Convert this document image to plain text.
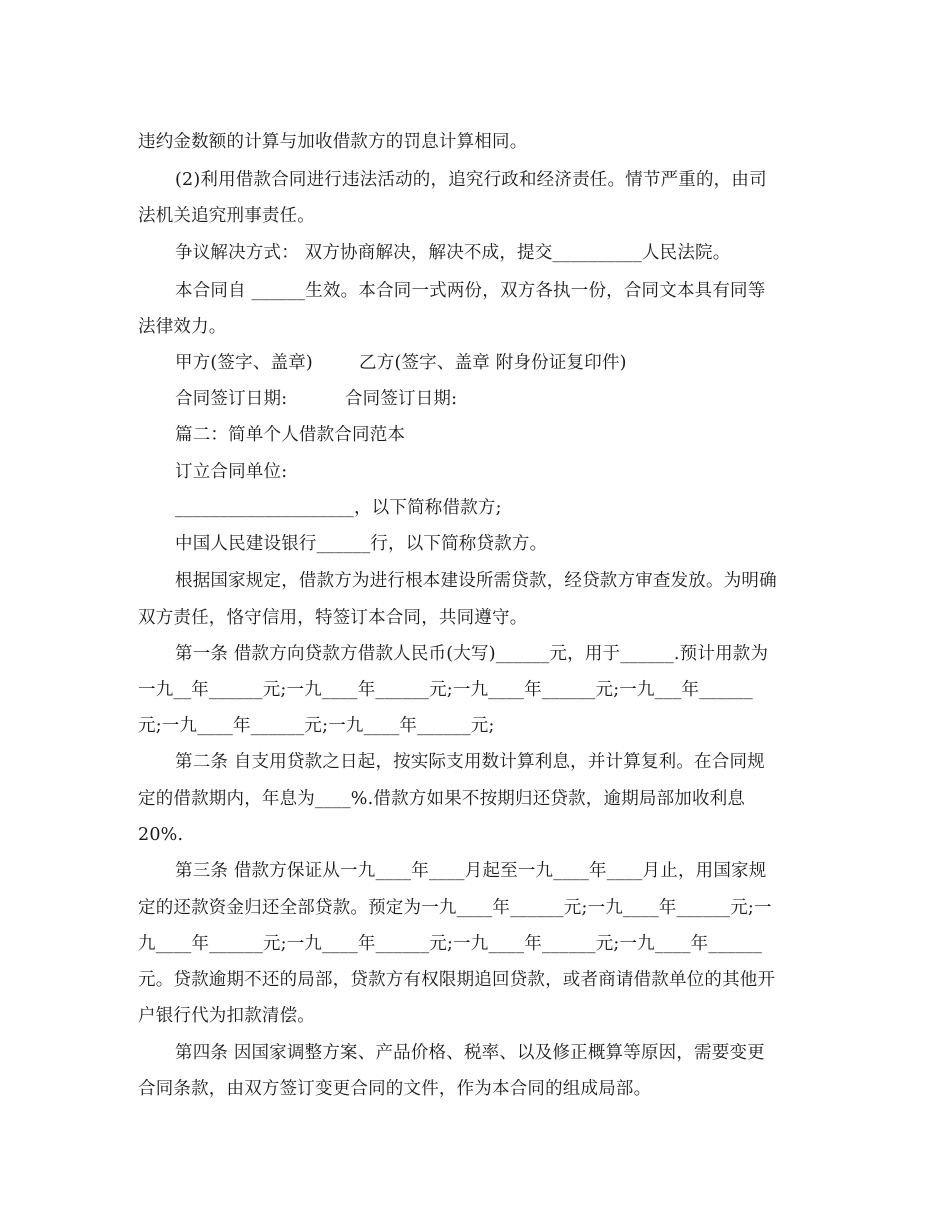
违约金数额的计算与加收借款方的罚息计算相同。
(2)利用借款合同进行违法活动的，追究行政和经济责任。情节严重的，由司
法机关追究刑事责任。
争议解决方式： 双方协商解决，解决不成，提交__________人民法院。
本合同自 ______生效。本合同一式两份，双方各执一份，合同文本具有同等
法律效力。
甲方(签字、盖章)        乙方(签字、盖章 附身份证复印件)
合同签订日期:          合同签订日期:
篇二：简单个人借款合同范本
订立合同单位:
____________________，以下简称借款方;
中国人民建设银行______行，以下简称贷款方。
根据国家规定，借款方为进行根本建设所需贷款，经贷款方审查发放。为明确
双方责任，恪守信用，特签订本合同，共同遵守。
第一条 借款方向贷款方借款人民币(大写)______元，用于______.预计用款为
一九__年______元;一九____年______元;一九____年______元;一九___年______
元;一九____年______元;一九____年______元;
第二条 自支用贷款之日起，按实际支用数计算利息，并计算复利。在合同规
定的借款期内，年息为____%.借款方如果不按期归还贷款，逾期局部加收利息
20%.
第三条 借款方保证从一九____年____月起至一九____年____月止，用国家规
定的还款资金归还全部贷款。预定为一九____年______元;一九____年______元;一
九____年______元;一九____年______元;一九____年______元;一九____年______
元。贷款逾期不还的局部，贷款方有权限期追回贷款，或者商请借款单位的其他开
户银行代为扣款清偿。
第四条 因国家调整方案、产品价格、税率、以及修正概算等原因，需要变更
合同条款，由双方签订变更合同的文件，作为本合同的组成局部。
